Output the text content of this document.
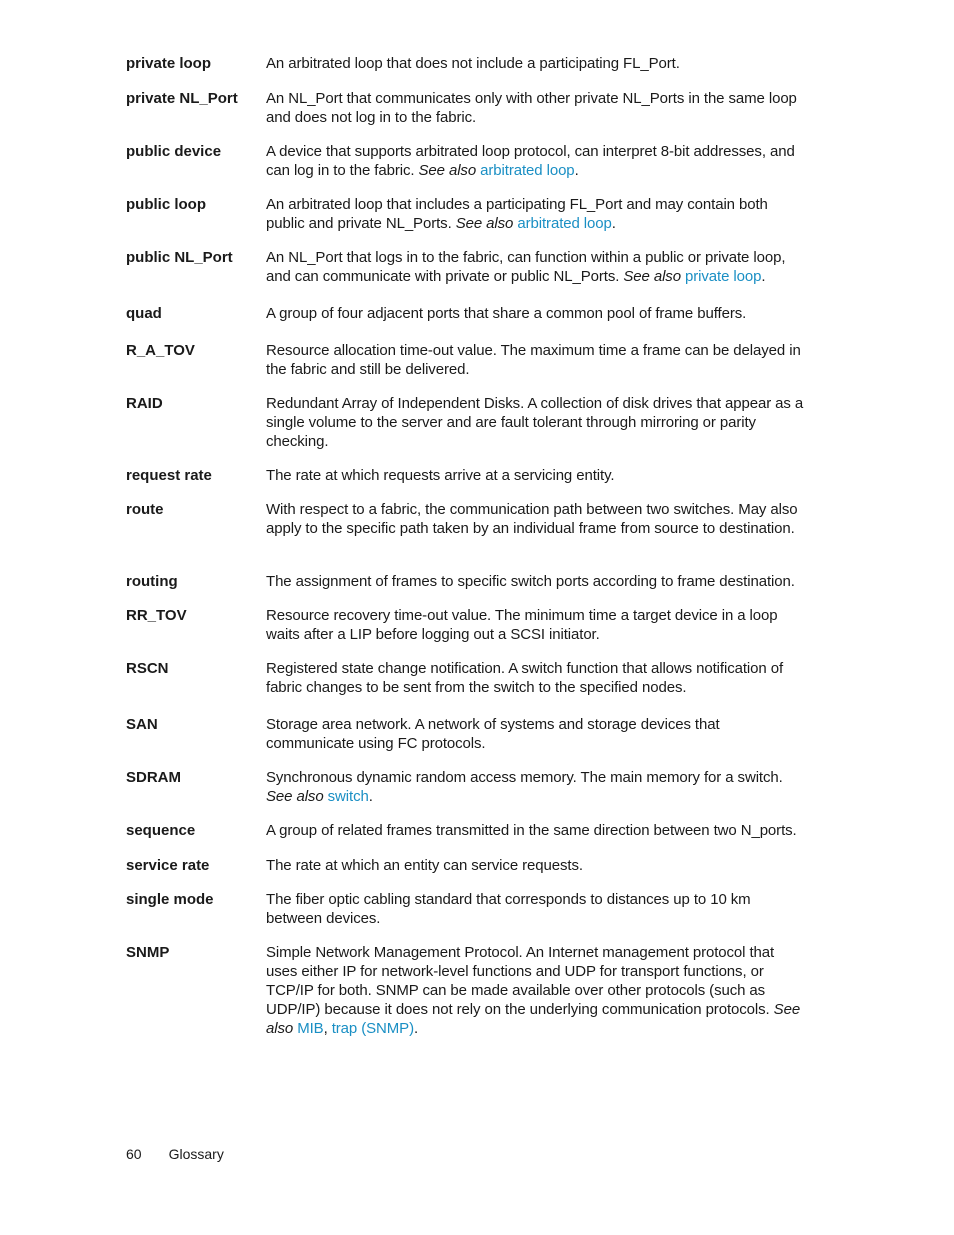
private loop	An arbitrated loop that does not include a participating FL_Port.
private NL_Port	An NL_Port that communicates only with other private NL_Ports in the same loop and does not log in to the fabric.
public device	A device that supports arbitrated loop protocol, can interpret 8-bit addresses, and can log in to the fabric. See also arbitrated loop.
public loop	An arbitrated loop that includes a participating FL_Port and may contain both public and private NL_Ports. See also arbitrated loop.
public NL_Port	An NL_Port that logs in to the fabric, can function within a public or private loop, and can communicate with private or public NL_Ports. See also private loop.
quad	A group of four adjacent ports that share a common pool of frame buffers.
R_A_TOV	Resource allocation time-out value. The maximum time a frame can be delayed in the fabric and still be delivered.
RAID	Redundant Array of Independent Disks. A collection of disk drives that appear as a single volume to the server and are fault tolerant through mirroring or parity checking.
request rate	The rate at which requests arrive at a servicing entity.
route	With respect to a fabric, the communication path between two switches. May also apply to the specific path taken by an individual frame from source to destination.
routing	The assignment of frames to specific switch ports according to frame destination.
RR_TOV	Resource recovery time-out value. The minimum time a target device in a loop waits after a LIP before logging out a SCSI initiator.
RSCN	Registered state change notification. A switch function that allows notification of fabric changes to be sent from the switch to the specified nodes.
SAN	Storage area network. A network of systems and storage devices that communicate using FC protocols.
SDRAM	Synchronous dynamic random access memory. The main memory for a switch. See also switch.
sequence	A group of related frames transmitted in the same direction between two N_ports.
service rate	The rate at which an entity can service requests.
single mode	The fiber optic cabling standard that corresponds to distances up to 10 km between devices.
SNMP	Simple Network Management Protocol. An Internet management protocol that uses either IP for network-level functions and UDP for transport functions, or TCP/IP for both. SNMP can be made available over other protocols (such as UDP/IP) because it does not rely on the underlying communication protocols. See also MIB, trap (SNMP).
60 Glossary
